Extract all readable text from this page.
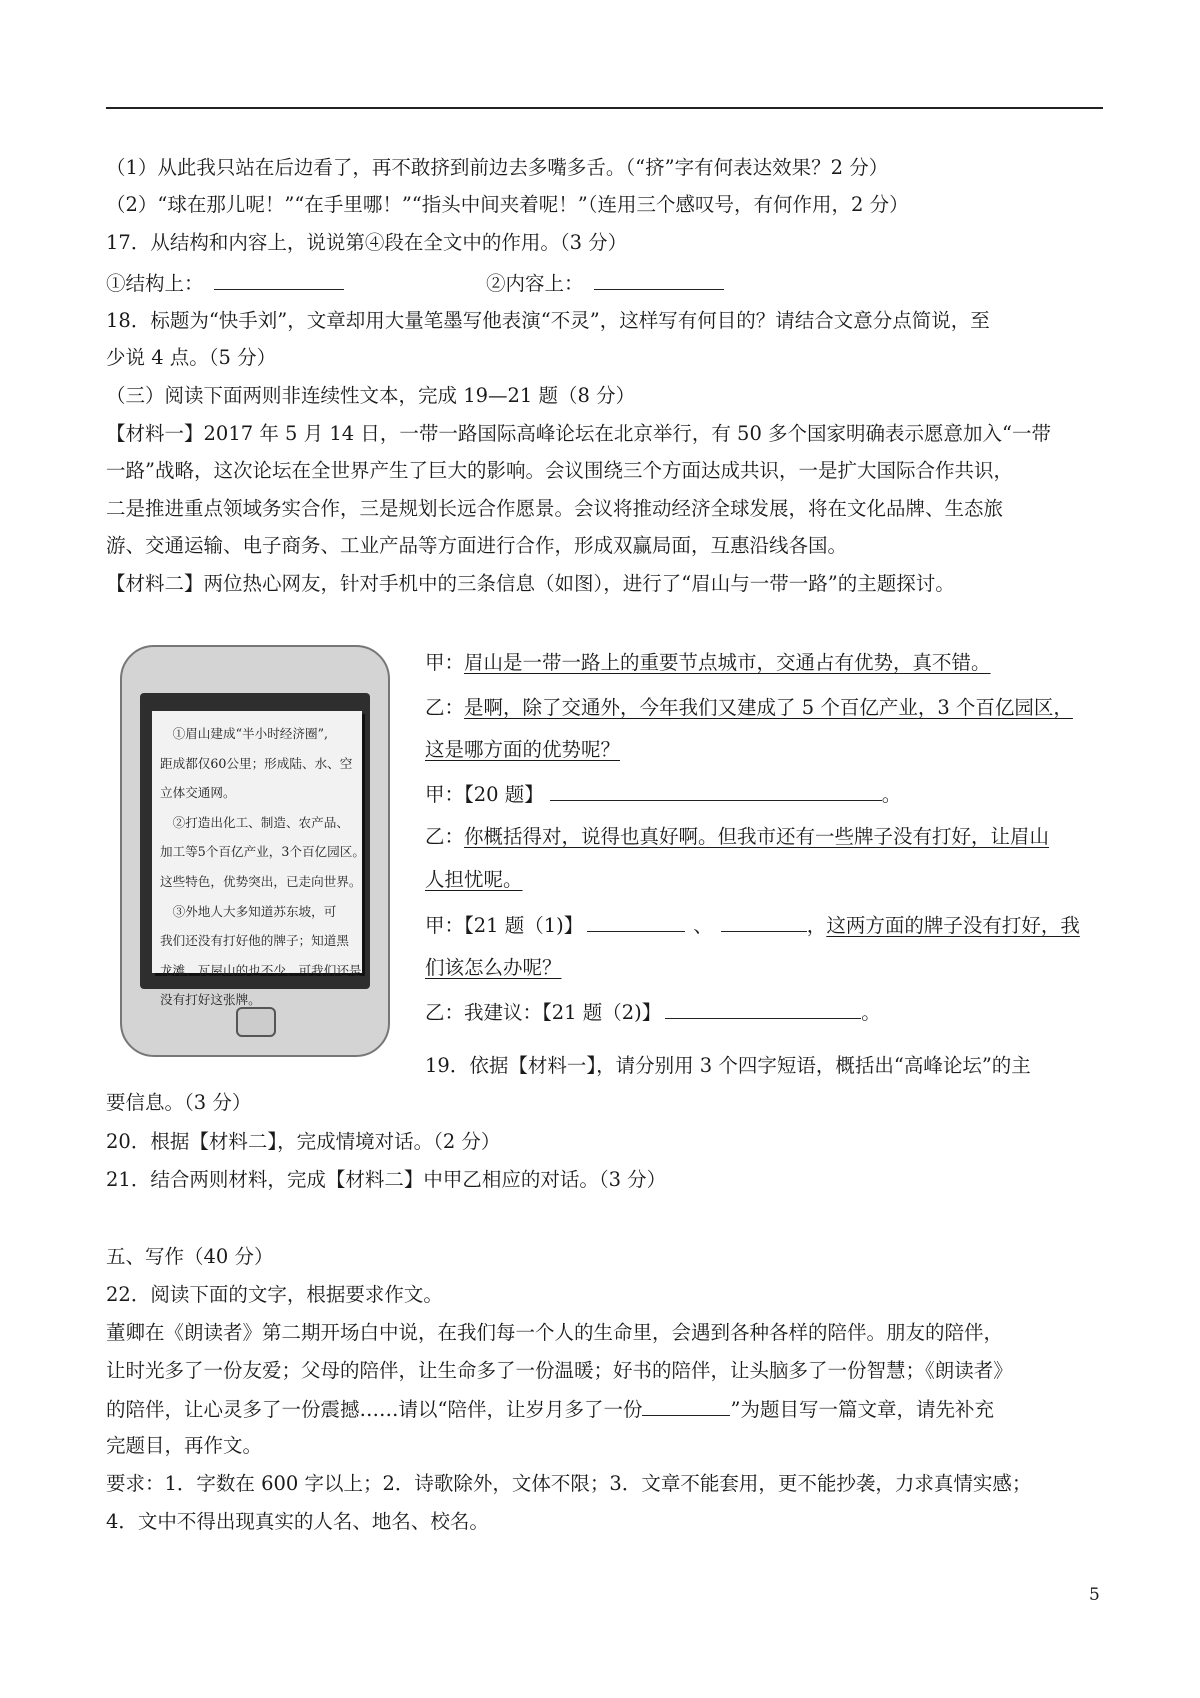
（1）从此我只站在后边看了，再不敢挤到前边去多嘴多舌。（“挤”字有何表达效果？2 分）
（2）“球在那儿呢！”“在手里哪！”“指头中间夹着呢！”（连用三个感叹号，有何作用，2 分）
17．从结构和内容上，说说第④段在全文中的作用。（3 分）
①结构上：	②内容上：
18．标题为“快手刘”，文章却用大量笔墨写他表演“不灵”，这样写有何目的？请结合文意分点简说，至
少说 4 点。（5 分）
（三）阅读下面两则非连续性文本，完成 19—21 题（8 分）
【材料一】2017 年 5 月 14 日，一带一路国际高峰论坛在北京举行，有 50 多个国家明确表示愿意加入“一带
一路”战略，这次论坛在全世界产生了巨大的影响。会议围绕三个方面达成共识，一是扩大国际合作共识，
二是推进重点领域务实合作，三是规划长远合作愿景。会议将推动经济全球发展，将在文化品牌、生态旅
游、交通运输、电子商务、工业产品等方面进行合作，形成双赢局面，互惠沿线各国。
【材料二】两位热心网友，针对手机中的三条信息（如图），进行了“眉山与一带一路”的主题探讨。
　①眉山建成“半小时经济圈”,
距成都仅60公里；形成陆、水、空
立体交通网。
　②打造出化工、制造、农产品、
加工等5个百亿产业，3个百亿园区。
这些特色，优势突出，已走向世界。
　③外地人大多知道苏东坡，可
我们还没有打好他的牌子；知道黑
龙滩、瓦屋山的也不少，可我们还是
没有打好这张牌。
甲：眉山是一带一路上的重要节点城市，交通占有优势，真不错。
乙：是啊，除了交通外，今年我们又建成了 5 个百亿产业，3 个百亿园区，
这是哪方面的优势呢？
甲：【20 题】	。
乙：你概括得对，说得也真好啊。但我市还有一些牌子没有打好，让眉山
人担忧呢。
甲：【21 题（1)】	、	，这两方面的牌子没有打好，我
们该怎么办呢？
乙：我建议：【21 题（2)】	。
19．依据【材料一】，请分别用 3 个四字短语，概括出“高峰论坛”的主
要信息。（3 分）
20．根据【材料二】，完成情境对话。（2 分）
21．结合两则材料，完成【材料二】中甲乙相应的对话。（3 分）
五、写作（40 分）
22．阅读下面的文字，根据要求作文。
董卿在《朗读者》第二期开场白中说，在我们每一个人的生命里，会遇到各种各样的陪伴。朋友的陪伴，
让时光多了一份友爱；父母的陪伴，让生命多了一份温暖；好书的陪伴，让头脑多了一份智慧；《朗读者》
的陪伴，让心灵多了一份震撼……请以“陪伴，让岁月多了一份	”为题目写一篇文章，请先补充
完题目，再作文。
要求：1．字数在 600 字以上；2．诗歌除外，文体不限；3．文章不能套用，更不能抄袭，力求真情实感；
4．文中不得出现真实的人名、地名、校名。
5
